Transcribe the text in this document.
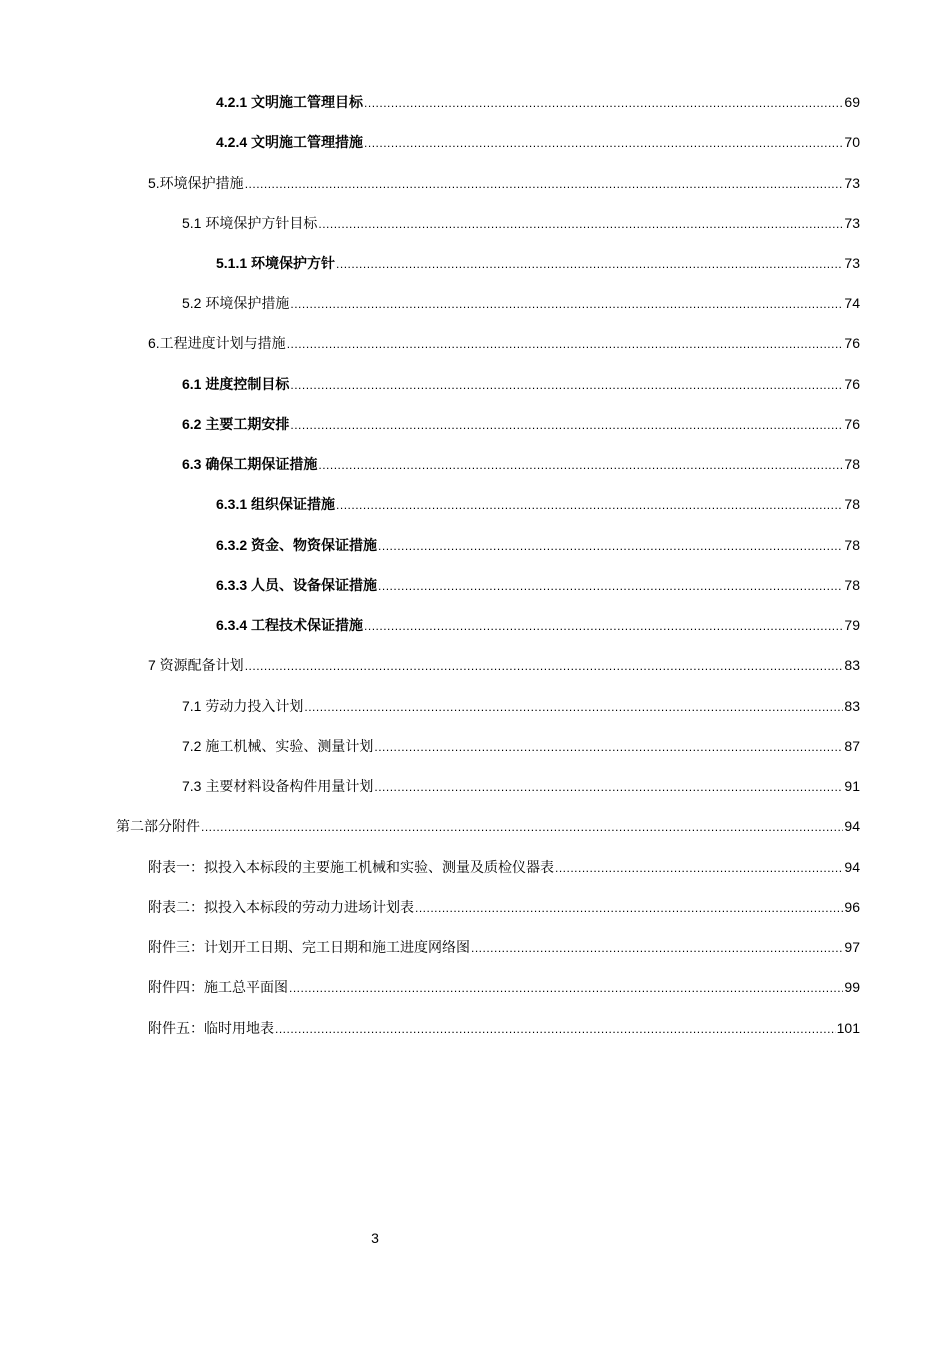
4.2.1 文明施工管理目标 .....	69
4.2.4 文明施工管理措施 .....	70
5.环境保护措施 .....	73
5.1 环境保护方针目标 .....	73
5.1.1 环境保护方针 .....	73
5.2 环境保护措施 .....	74
6.工程进度计划与措施 .....	76
6.1 进度控制目标 .....	76
6.2 主要工期安排 .....	76
6.3 确保工期保证措施 .....	78
6.3.1 组织保证措施 .....	78
6.3.2 资金、物资保证措施 .....	78
6.3.3 人员、设备保证措施 .....	78
6.3.4 工程技术保证措施 .....	79
7 资源配备计划 .....	83
7.1 劳动力投入计划 .....	83
7.2 施工机械、实验、测量计划 .....	87
7.3 主要材料设备构件用量计划 .....	91
第二部分附件 .....	94
附表一：拟投入本标段的主要施工机械和实验、测量及质检仪器表 .....	94
附表二：拟投入本标段的劳动力进场计划表 .....	96
附件三：计划开工日期、完工日期和施工进度网络图 .....	97
附件四：施工总平面图 .....	99
附件五：临时用地表 .....	101
3
